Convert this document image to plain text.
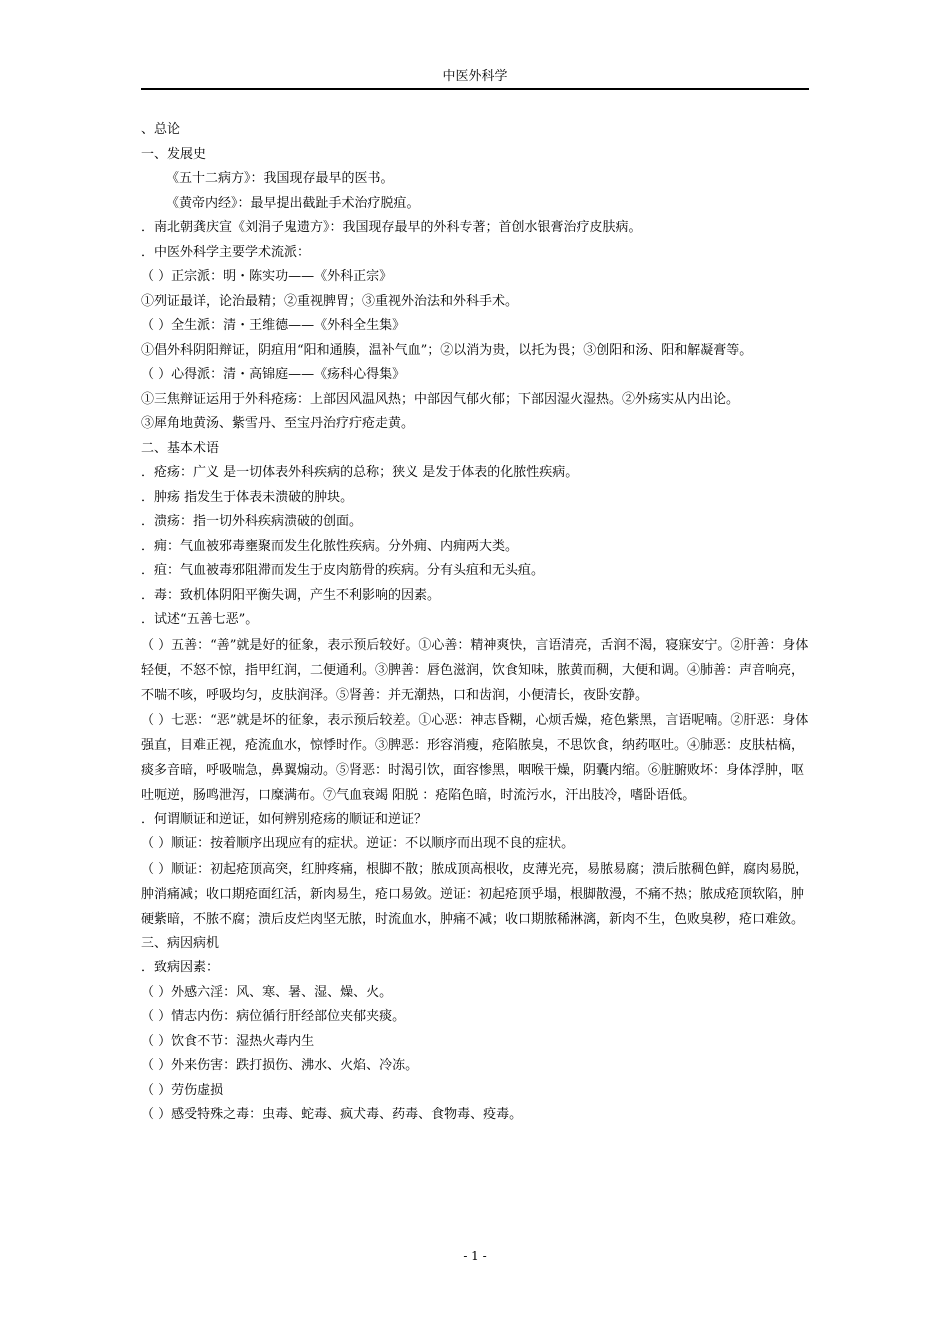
中医外科学

、总论

一、发展史

《五十二病方》：我国现存最早的医书。

《黄帝内经》：最早提出截趾手术治疗脱疽。

．南北朝龚庆宣《刘涓子鬼遗方》：我国现存最早的外科专著；首创水银膏治疗皮肤病。

．中医外科学主要学术流派：

（ ）正宗派：明・陈实功——《外科正宗》

①列证最详，论治最精；②重视脾胃；③重视外治法和外科手术。

（ ）全生派：清・王维德——《外科全生集》

①倡外科阴阳辩证，阴疽用“阳和通腠，温补气血”；②以消为贵，以托为畏；③创阳和汤、阳和解凝膏等。

（ ）心得派：清・高锦庭——《疡科心得集》

①三焦辩证运用于外科疮疡：上部因风温风热；中部因气郁火郁；下部因湿火湿热。②外疡实从内出论。

③犀角地黄汤、紫雪丹、至宝丹治疗疔疮走黄。

二、基本术语

．疮疡：广义 是一切体表外科疾病的总称；狭义 是发于体表的化脓性疾病。

．肿疡 指发生于体表未溃破的肿块。

．溃疡：指一切外科疾病溃破的创面。

．痈：气血被邪毒壅聚而发生化脓性疾病。分外痈、内痈两大类。

．疽：气血被毒邪阻滞而发生于皮肉筋骨的疾病。分有头疽和无头疽。

．毒：致机体阴阳平衡失调，产生不利影响的因素。

．试述“五善七恶”。

（ ）五善：“善”就是好的征象，表示预后较好。①心善：精神爽快，言语清亮，舌润不渴，寝寐安宁。②肝善：身体轻便，不怒不惊，指甲红润，二便通利。③脾善：唇色滋润，饮食知味，脓黄而稠，大便和调。④肺善：声音响亮，不喘不咳，呼吸均匀，皮肤润泽。⑤肾善：并无潮热，口和齿润，小便清长，夜卧安静。

（ ）七恶：“恶”就是坏的征象，表示预后较差。①心恶：神志昏糊，心烦舌燥，疮色紫黑，言语呢喃。②肝恶：身体强直，目难正视，疮流血水，惊悸时作。③脾恶：形容消瘦，疮陷脓臭，不思饮食，纳药呕吐。④肺恶：皮肤枯槁，痰多音暗，呼吸喘急，鼻翼煽动。⑤肾恶：时渴引饮，面容惨黑，咽喉干燥，阴囊内缩。⑥脏腑败坏：身体浮肿，呕吐呃逆，肠鸣泄泻，口糜满布。⑦气血衰竭 阳脱 ：疮陷色暗，时流污水，汗出肢冷，嗜卧语低。

．何谓顺证和逆证，如何辨别疮疡的顺证和逆证？

（ ）顺证：按着顺序出现应有的症状。逆证：不以顺序而出现不良的症状。

（ ）顺证：初起疮顶高突，红肿疼痛，根脚不散；脓成顶高根收，皮薄光亮，易脓易腐；溃后脓稠色鲜，腐肉易脱，肿消痛减；收口期疮面红活，新肉易生，疮口易敛。逆证：初起疮顶乎塌，根脚散漫，不痛不热；脓成疮顶软陷，肿硬紫暗，不脓不腐；溃后皮烂肉坚无脓，时流血水，肿痛不减；收口期脓稀淋漓，新肉不生，色败臭秽，疮口难敛。

三、病因病机

．致病因素：

（ ）外感六淫：风、寒、暑、湿、燥、火。

（ ）情志内伤：病位循行肝经部位夹郁夹痰。

（ ）饮食不节：湿热火毒内生

（ ）外来伤害：跌打损伤、沸水、火焰、冷冻。

（ ）劳伤虚损

（ ）感受特殊之毒：虫毒、蛇毒、疯犬毒、药毒、食物毒、疫毒。

- 1 -
